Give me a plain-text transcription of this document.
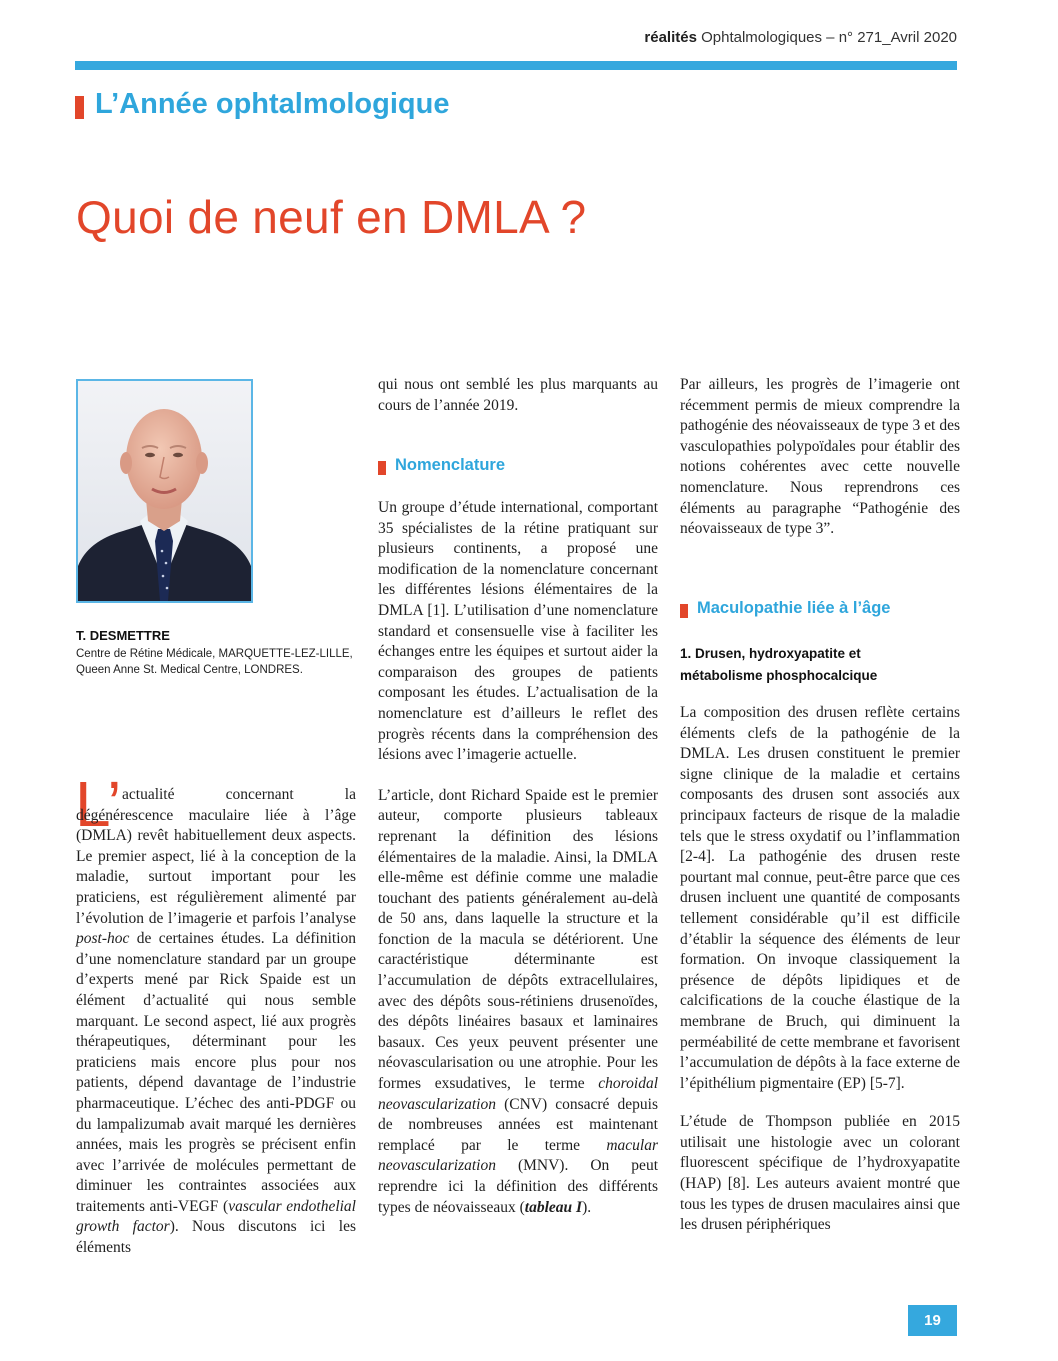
réalités Ophtalmologiques – n° 271_Avril 2020
L’Année ophtalmologique
Quoi de neuf en DMLA ?
T. DESMETTRE
Centre de Rétine Médicale, MARQUETTE-LEZ-LILLE,
Queen Anne St. Medical Centre, LONDRES.
L’ actualité concernant la dégénérescence maculaire liée à l’âge (DMLA) revêt habituellement deux aspects. Le premier aspect, lié à la conception de la maladie, surtout important pour les praticiens, est régulièrement alimenté par l’évolution de l’imagerie et parfois l’analyse post-hoc de certaines études. La définition d’une nomenclature standard par un groupe d’experts mené par Rick Spaide est un élément d’actualité qui nous semble marquant. Le second aspect, lié aux progrès thérapeutiques, déterminant pour les praticiens mais encore plus pour nos patients, dépend davantage de l’industrie pharmaceutique. L’échec des anti-PDGF ou du lampalizumab avait marqué les dernières années, mais les progrès se précisent enfin avec l’arrivée de molécules permettant de diminuer les contraintes associées aux traitements anti-VEGF (vascular endothelial growth factor). Nous discutons ici les éléments

qui nous ont semblé les plus marquants au cours de l’année 2019.

Nomenclature

Un groupe d’étude international, comportant 35 spécialistes de la rétine pratiquant sur plusieurs continents, a proposé une modification de la nomenclature concernant les différentes lésions élémentaires de la DMLA [1]. L’utilisation d’une nomenclature standard et consensuelle vise à faciliter les échanges entre les équipes et surtout aider la comparaison des groupes de patients composant les études. L’actualisation de la nomenclature est d’ailleurs le reflet des progrès récents dans la compréhension des lésions avec l’imagerie actuelle.

L’article, dont Richard Spaide est le premier auteur, comporte plusieurs tableaux reprenant la définition des lésions élémentaires de la maladie. Ainsi, la DMLA elle-même est définie comme une maladie touchant des patients généralement au-delà de 50 ans, dans laquelle la structure et la fonction de la macula se détériorent. Une caractéristique déterminante est l’accumulation de dépôts extracellulaires, avec des dépôts sous-rétiniens drusenoïdes, des dépôts linéaires basaux et laminaires basaux. Ces yeux peuvent présenter une néovascularisation ou une atrophie. Pour les formes exsudatives, le terme choroidal neovascularization (CNV) consacré depuis de nombreuses années est maintenant remplacé par le terme macular neovascularization (MNV). On peut reprendre ici la définition des différents types de néovaisseaux (tableau I).

Par ailleurs, les progrès de l’imagerie ont récemment permis de mieux comprendre la pathogénie des néovaisseaux de type 3 et des vasculopathies polypoïdales pour établir des notions cohérentes avec cette nouvelle nomenclature. Nous reprendrons ces éléments au paragraphe “Pathogénie des néovaisseaux de type 3”.

Maculopathie liée à l’âge
1. Drusen, hydroxyapatite et métabolisme phosphocalcique

La composition des drusen reflète certains éléments clefs de la pathogénie de la DMLA. Les drusen constituent le premier signe clinique de la maladie et certains composants des drusen sont associés aux principaux facteurs de risque de la maladie tels que le stress oxydatif ou l’inflammation [2-4]. La pathogénie des drusen reste pourtant mal connue, peut-être parce que ces drusen incluent une quantité de composants tellement considérable qu’il est difficile d’établir la séquence des éléments de leur formation. On invoque classiquement la présence de dépôts lipidiques et de calcifications de la couche élastique de la membrane de Bruch, qui diminuent la perméabilité de cette membrane et favorisent l’accumulation de dépôts à la face externe de l’épithélium pigmentaire (EP) [5-7].

L’étude de Thompson publiée en 2015 utilisait une histologie avec un colorant fluorescent spécifique de l’hydroxyapatite (HAP) [8]. Les auteurs avaient montré que tous les types de drusen maculaires ainsi que les drusen périphériques

19
